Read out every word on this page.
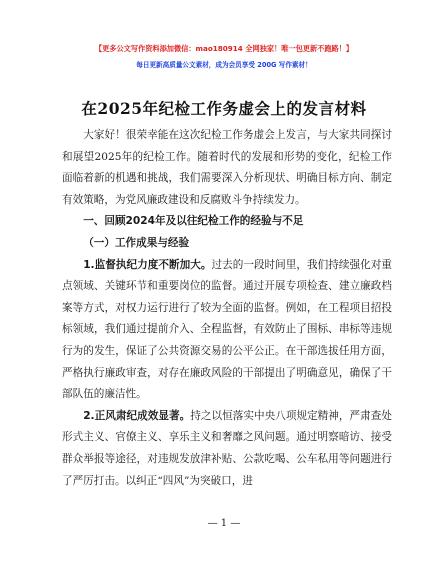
【更多公文写作资料添加微信：mao180914 全网独家！唯一包更新不跑路！】
每日更新高质量公文素材，成为会员享受 200G 写作素材！
在2025年纪检工作务虚会上的发言材料

大家好！很荣幸能在这次纪检工作务虚会上发言，与大家共同探讨和展望2025年的纪检工作。随着时代的发展和形势的变化，纪检工作面临着新的机遇和挑战，我们需要深入分析现状、明确目标方向、制定有效策略，为党风廉政建设和反腐败斗争持续发力。

一、回顾2024年及以往纪检工作的经验与不足

（一）工作成果与经验

1.监督执纪力度不断加大。过去的一段时间里，我们持续强化对重点领域、关键环节和重要岗位的监督。通过开展专项检查、建立廉政档案等方式，对权力运行进行了较为全面的监督。例如，在工程项目招投标领域，我们通过提前介入、全程监督，有效防止了围标、串标等违规行为的发生，保证了公共资源交易的公平公正。在干部选拔任用方面，严格执行廉政审查，对存在廉政风险的干部提出了明确意见，确保了干部队伍的廉洁性。

2.正风肃纪成效显著。持之以恒落实中央八项规定精神，严肃查处形式主义、官僚主义、享乐主义和奢靡之风问题。通过明察暗访、接受群众举报等途径，对违规发放津补贴、公款吃喝、公车私用等问题进行了严厉打击。以纠正“四风”为突破口，进

— 1 —
